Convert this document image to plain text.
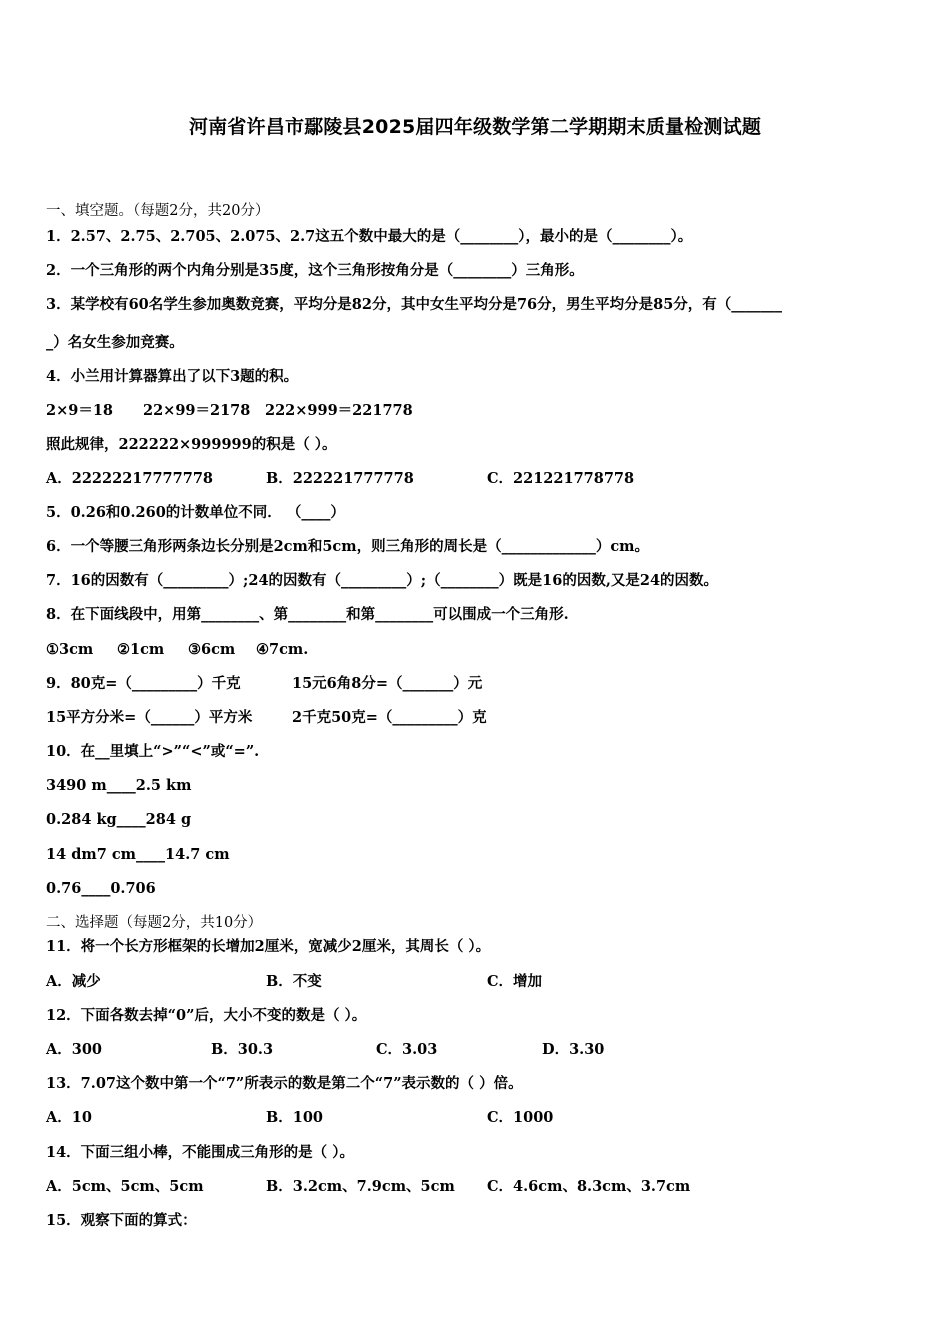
河南省许昌市鄢陵县2025届四年级数学第二学期期末质量检测试题
一、填空题。（每题2分，共20分）
1．2.57、2.75、2.705、2.075、2.7这五个数中最大的是（________），最小的是（________）。
2．一个三角形的两个内角分别是35度，这个三角形按角分是（________）三角形。
3．某学校有60名学生参加奥数竞赛，平均分是82分，其中女生平均分是76分，男生平均分是85分，有（_______
_）名女生参加竞赛。
4．小兰用计算器算出了以下3题的积。
2×9＝18 22×99＝2178 222×999＝221778
照此规律，222222×999999的积是（ ）。
A．22222217777778	B．222221777778	C．221221778778
5．0.26和0.260的计数单位不同． （____）
6．一个等腰三角形两条边长分别是2cm和5cm，则三角形的周长是（_____________）cm。
7．16的因数有（_________）;24的因数有（_________）;（________）既是16的因数,又是24的因数。
8．在下面线段中，用第________、第________和第________可以围成一个三角形.
①3cm ②1cm ③6cm ④7cm.
9．80克=（_________）千克	15元6角8分=（_______）元
15平方分米=（______）平方米	2千克50克=（_________）克
10．在__里填上“>”“<”或“=”.
3490 m____2.5 km
0.284 kg____284 g
14 dm7 cm____14.7 cm
0.76____0.706
二、选择题（每题2分，共10分）
11．将一个长方形框架的长增加2厘米，宽减少2厘米，其周长（ ）。
A．减少	B．不变	C．增加
12．下面各数去掉“0”后，大小不变的数是（ ）。
A．300	B．30.3	C．3.03	D．3.30
13．7.07这个数中第一个“7”所表示的数是第二个“7”表示数的（ ）倍。
A．10	B．100	C．1000
14．下面三组小棒，不能围成三角形的是（ ）。
A．5cm、5cm、5cm	B．3.2cm、7.9cm、5cm C．4.6cm、8.3cm、3.7cm
15．观察下面的算式：
